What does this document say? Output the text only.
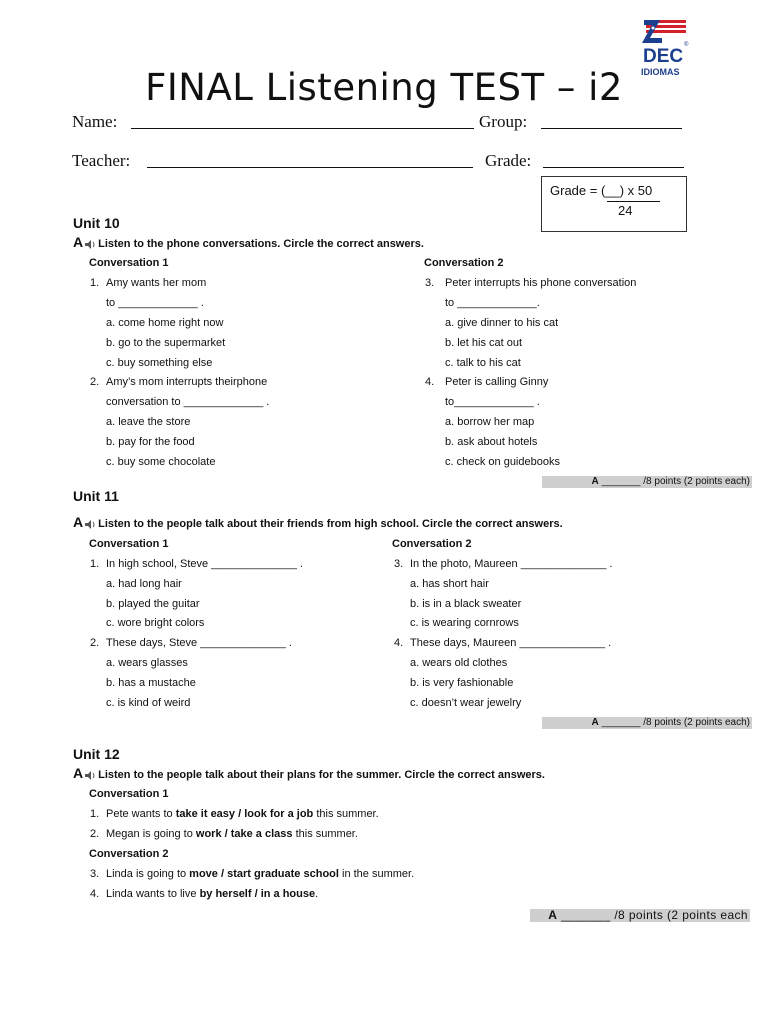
DEC
IDIOMAS
®
FINAL Listening TEST – i2
Name:	Group:
Teacher:	Grade:
Grade = (__) x 50
24
Unit 10
A Listen to the phone conversations. Circle the correct answers.
Conversation 1
1. Amy wants her mom
to _____________ .
a. come home right now
b. go to the supermarket
c. buy something else
2. Amy’s mom interrupts theirphone
conversation to _____________ .
a. leave the store
b. pay for the food
c. buy some chocolate
Conversation 2
3. Peter interrupts his phone conversation
to _____________.
a. give dinner to his cat
b. let his cat out
c. talk to his cat
4. Peter is calling Ginny
to_____________ .
a. borrow her map
b. ask about hotels
c. check on guidebooks
A _______ /8 points (2 points each)
Unit 11
A Listen to the people talk about their friends from high school. Circle the correct answers.
Conversation 1
1. In high school, Steve ______________ .
a. had long hair
b. played the guitar
c. wore bright colors
2. These days, Steve ______________ .
a. wears glasses
b. has a mustache
c. is kind of weird
Conversation 2
3. In the photo, Maureen ______________ .
a. has short hair
b. is in a black sweater
c. is wearing cornrows
4. These days, Maureen ______________ .
a. wears old clothes
b. is very fashionable
c. doesn’t wear jewelry
A _______ /8 points (2 points each)
Unit 12
A Listen to the people talk about their plans for the summer. Circle the correct answers.
Conversation 1
1. Pete wants to take it easy / look for a job this summer.
2. Megan is going to work / take a class this summer.
Conversation 2
3. Linda is going to move / start graduate school in the summer.
4. Linda wants to live by herself / in a house.
A _______ /8 points (2 points each
